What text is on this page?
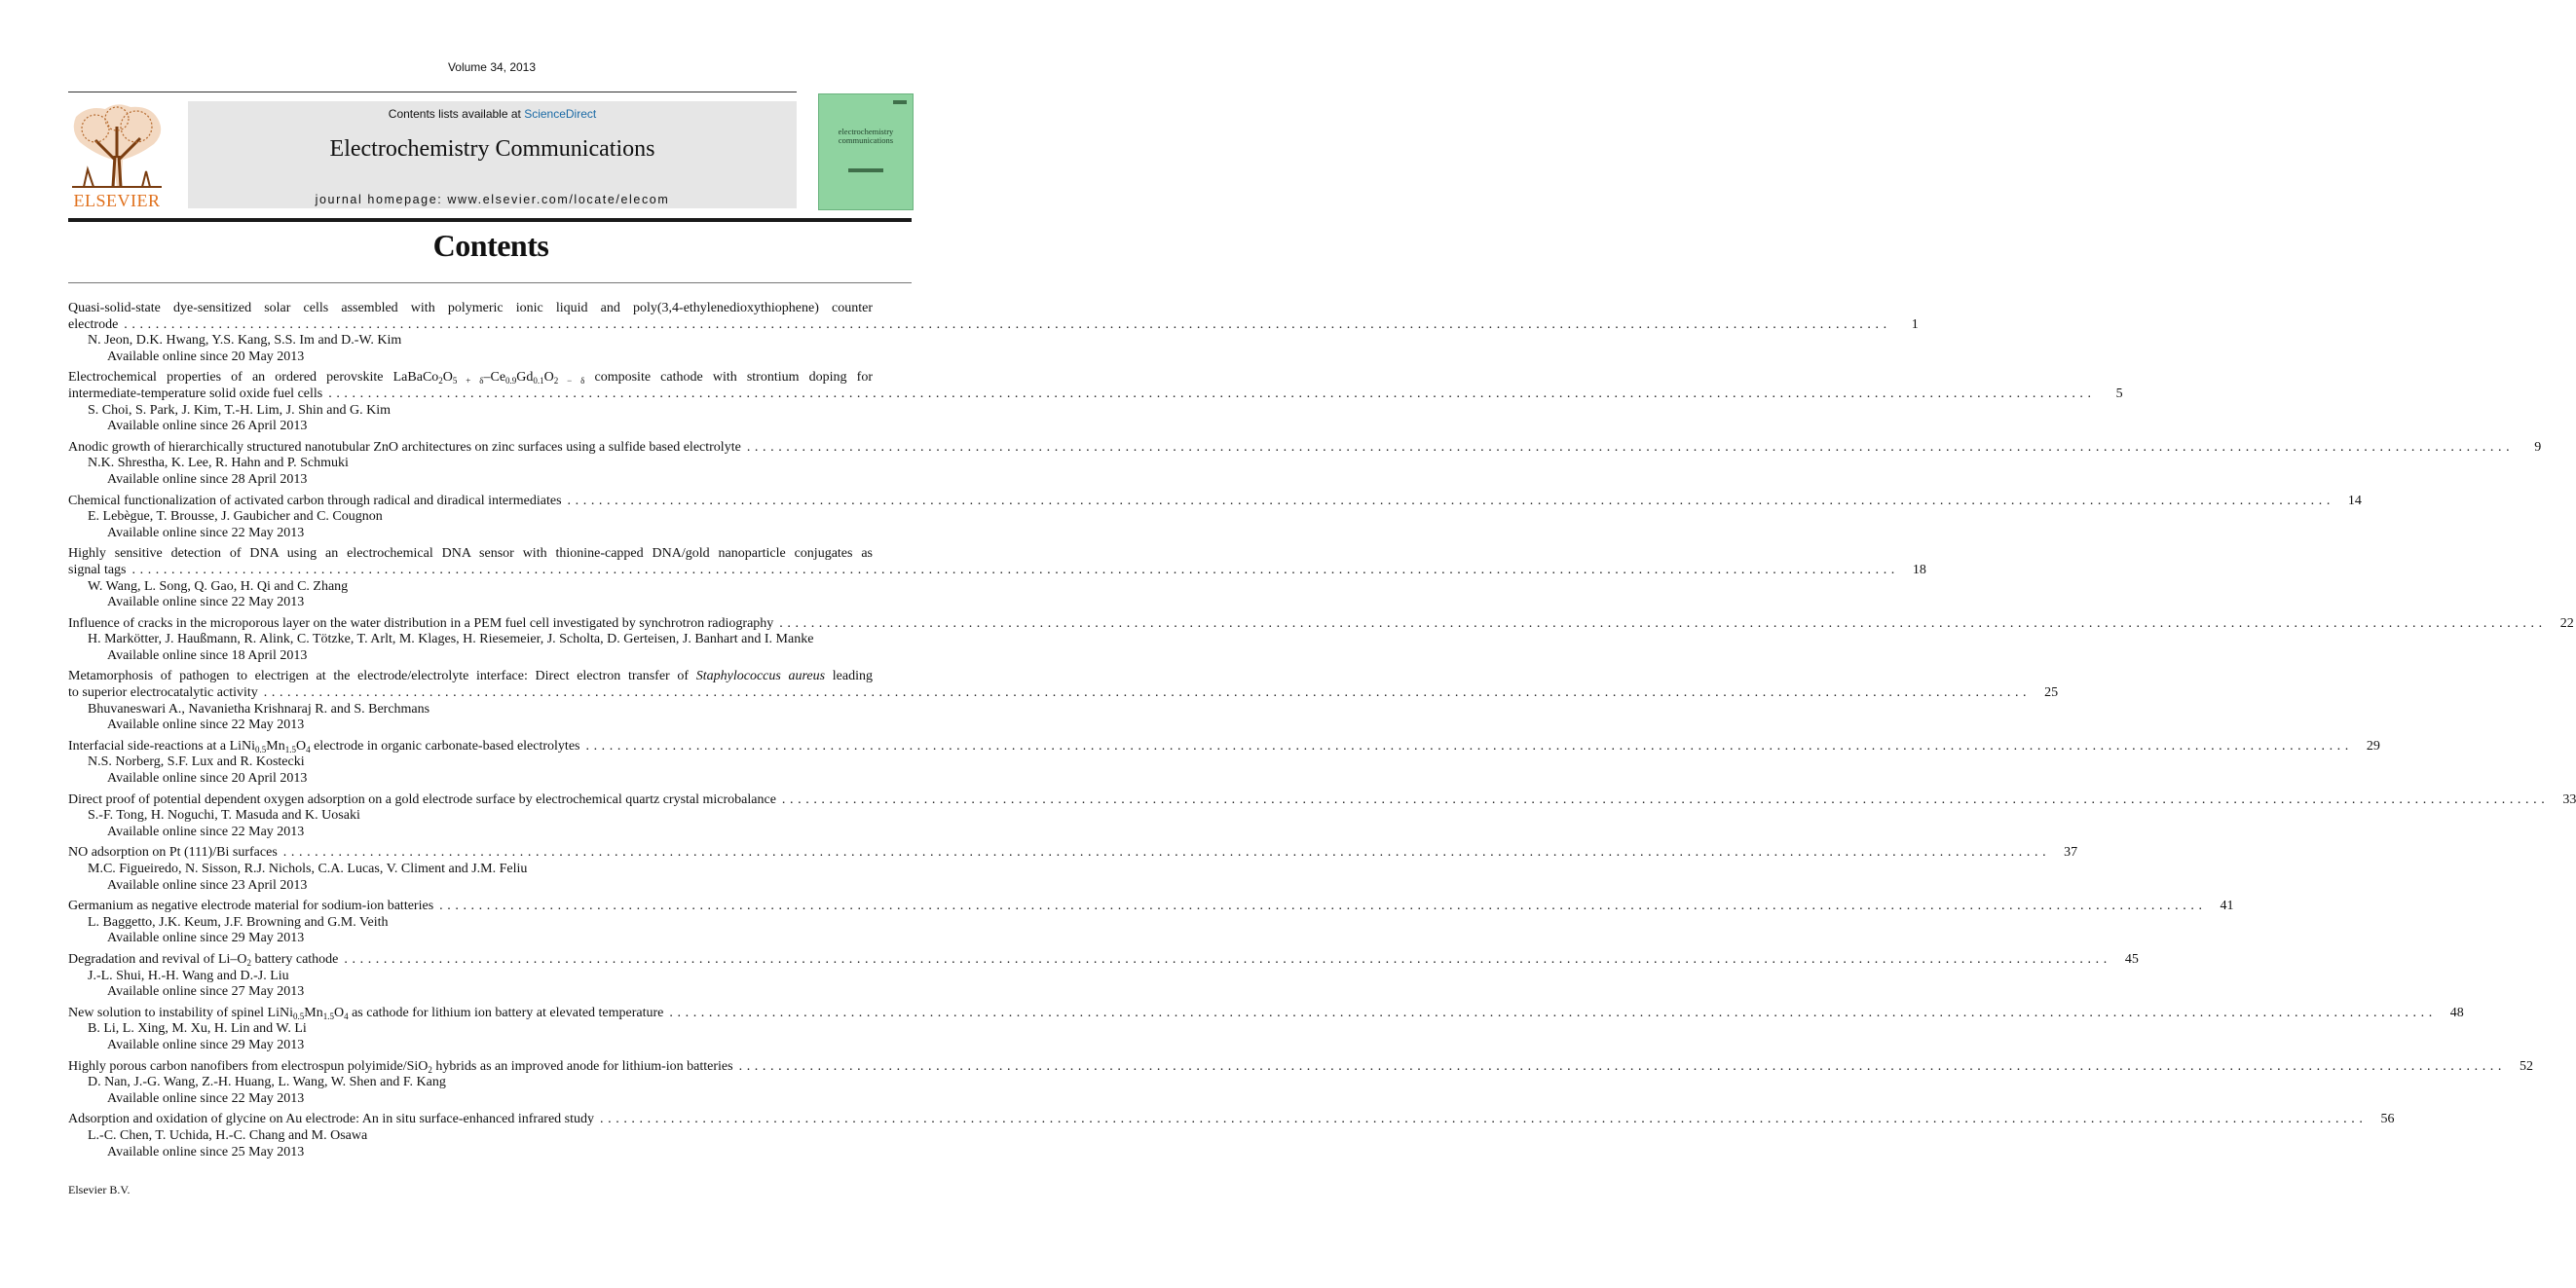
Volume 34, 2013
ELSEVIER
Contents lists available at ScienceDirect
Electrochemistry Communications
journal homepage: www.elsevier.com/locate/elecom
electrochemistry communications
Contents
Quasi-solid-state dye-sensitized solar cells assembled with polymeric ionic liquid and poly(3,4-ethylenedioxythiophene) counter
electrode ................................................................................................................................................................................................................................	1
N. Jeon, D.K. Hwang, Y.S. Kang, S.S. Im and D.-W. Kim
Available online since 20 May 2013
Electrochemical properties of an ordered perovskite $LaBaCo_2O_{5 + \delta}-Ce_{0.9}Gd_{0.1}O_{2 - \delta}$ composite cathode with strontium doping for
intermediate-temperature solid oxide fuel cells ................................................................................................................................................................................................................................	5
S. Choi, S. Park, J. Kim, T.-H. Lim, J. Shin and G. Kim
Available online since 26 April 2013
Anodic growth of hierarchically structured nanotubular ZnO architectures on zinc surfaces using a sulfide based electrolyte ................................................................................................................................................................................................................................	9
N.K. Shrestha, K. Lee, R. Hahn and P. Schmuki
Available online since 28 April 2013
Chemical functionalization of activated carbon through radical and diradical intermediates ................................................................................................................................................................................................................................	14
E. Lebègue, T. Brousse, J. Gaubicher and C. Cougnon
Available online since 22 May 2013
Highly sensitive detection of DNA using an electrochemical DNA sensor with thionine-capped DNA/gold nanoparticle conjugates as
signal tags ................................................................................................................................................................................................................................	18
W. Wang, L. Song, Q. Gao, H. Qi and C. Zhang
Available online since 22 May 2013
Influence of cracks in the microporous layer on the water distribution in a PEM fuel cell investigated by synchrotron radiography ................................................................................................................................................................................................................................	22
H. Markötter, J. Haußmann, R. Alink, C. Tötzke, T. Arlt, M. Klages, H. Riesemeier, J. Scholta, D. Gerteisen, J. Banhart and I. Manke
Available online since 18 April 2013
Metamorphosis of pathogen to electrigen at the electrode/electrolyte interface: Direct electron transfer of Staphylococcus aureus leading
to superior electrocatalytic activity ................................................................................................................................................................................................................................	25
Bhuvaneswari A., Navanietha Krishnaraj R. and S. Berchmans
Available online since 22 May 2013
Interfacial side-reactions at a $LiNi_{0.5}Mn_{1.5}O_4$ electrode in organic carbonate-based electrolytes ................................................................................................................................................................................................................................	29
N.S. Norberg, S.F. Lux and R. Kostecki
Available online since 20 April 2013
Direct proof of potential dependent oxygen adsorption on a gold electrode surface by electrochemical quartz crystal microbalance ................................................................................................................................................................................................................................	33
S.-F. Tong, H. Noguchi, T. Masuda and K. Uosaki
Available online since 22 May 2013
NO adsorption on Pt (111)/Bi surfaces ................................................................................................................................................................................................................................	37
M.C. Figueiredo, N. Sisson, R.J. Nichols, C.A. Lucas, V. Climent and J.M. Feliu
Available online since 23 April 2013
Germanium as negative electrode material for sodium-ion batteries ................................................................................................................................................................................................................................	41
L. Baggetto, J.K. Keum, J.F. Browning and G.M. Veith
Available online since 29 May 2013
Degradation and revival of $Li-O_2$ battery cathode ................................................................................................................................................................................................................................	45
J.-L. Shui, H.-H. Wang and D.-J. Liu
Available online since 27 May 2013
New solution to instability of spinel $LiNi_{0.5}Mn_{1.5}O_4$ as cathode for lithium ion battery at elevated temperature ................................................................................................................................................................................................................................	48
B. Li, L. Xing, M. Xu, H. Lin and W. Li
Available online since 29 May 2013
Highly porous carbon nanofibers from electrospun polyimide/SiO$_2$ hybrids as an improved anode for lithium-ion batteries ................................................................................................................................................................................................................................	52
D. Nan, J.-G. Wang, Z.-H. Huang, L. Wang, W. Shen and F. Kang
Available online since 22 May 2013
Adsorption and oxidation of glycine on Au electrode: An in situ surface-enhanced infrared study ................................................................................................................................................................................................................................	56
L.-C. Chen, T. Uchida, H.-C. Chang and M. Osawa
Available online since 25 May 2013
Elsevier B.V.
